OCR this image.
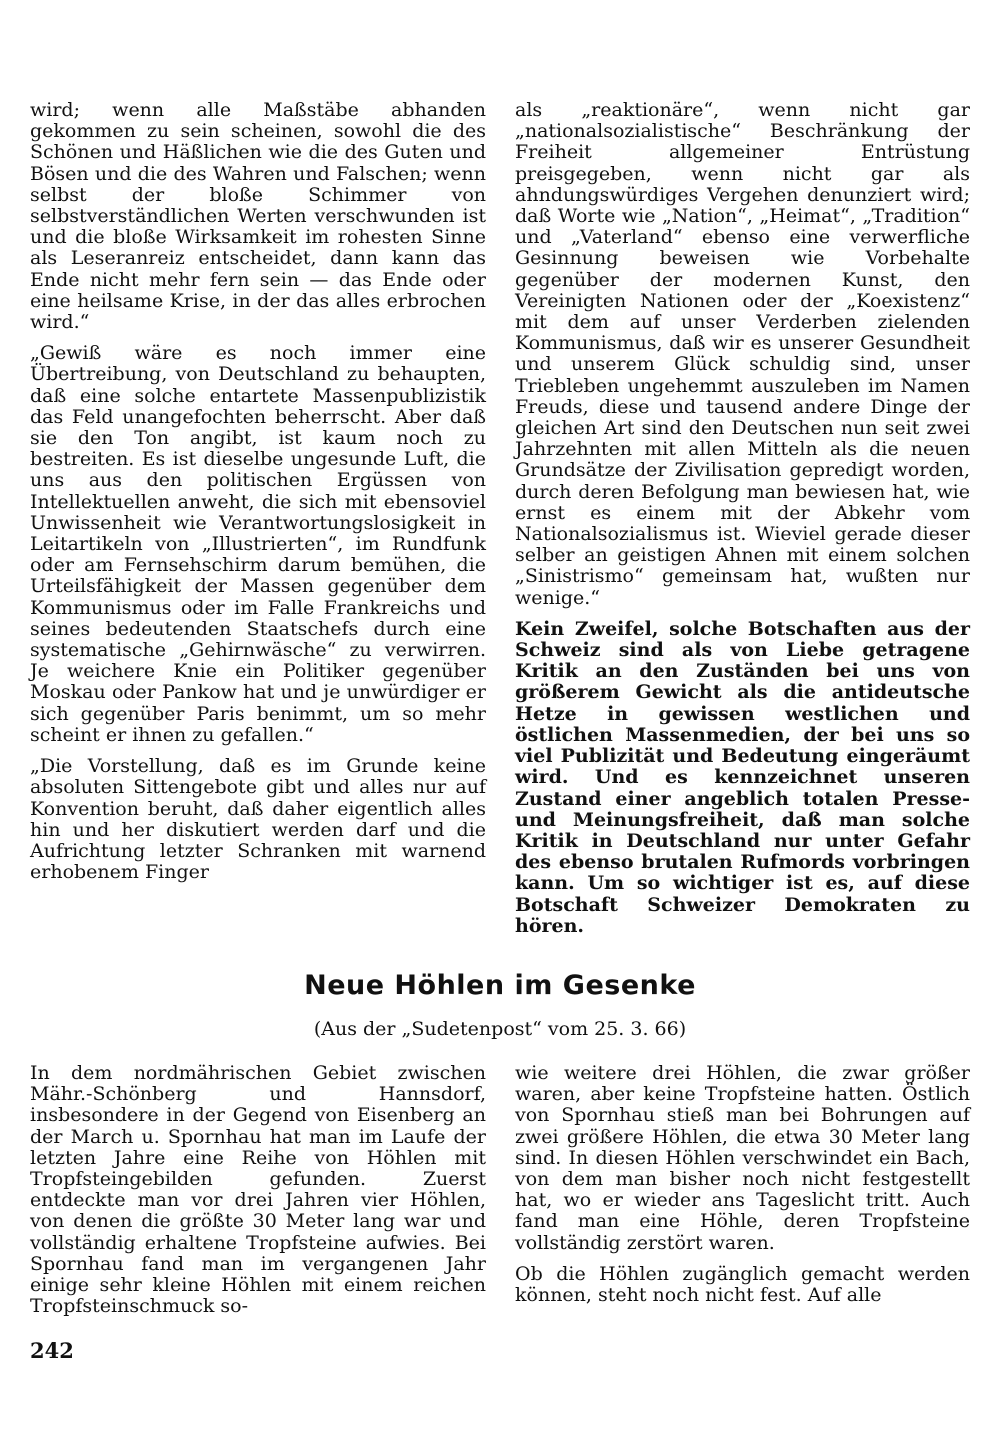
wird; wenn alle Maßstäbe abhanden gekommen zu sein scheinen, sowohl die des Schönen und Häßlichen wie die des Guten und Bösen und die des Wahren und Falschen; wenn selbst der bloße Schimmer von selbstverständlichen Werten verschwunden ist und die bloße Wirksamkeit im rohesten Sinne als Leseranreiz entscheidet, dann kann das Ende nicht mehr fern sein — das Ende oder eine heilsame Krise, in der das alles erbrochen wird.“

„Gewiß wäre es noch immer eine Übertreibung, von Deutschland zu behaupten, daß eine solche entartete Massenpublizistik das Feld unangefochten beherrscht. Aber daß sie den Ton angibt, ist kaum noch zu bestreiten. Es ist dieselbe ungesunde Luft, die uns aus den politischen Ergüssen von Intellektuellen anweht, die sich mit ebensoviel Unwissenheit wie Verantwortungslosigkeit in Leitartikeln von „Illustrierten“, im Rundfunk oder am Fernsehschirm darum bemühen, die Urteilsfähigkeit der Massen gegenüber dem Kommunismus oder im Falle Frankreichs und seines bedeutenden Staatschefs durch eine systematische „Gehirnwäsche“ zu verwirren. Je weichere Knie ein Politiker gegenüber Moskau oder Pankow hat und je unwürdiger er sich gegenüber Paris benimmt, um so mehr scheint er ihnen zu gefallen.“

„Die Vorstellung, daß es im Grunde keine absoluten Sittengebote gibt und alles nur auf Konvention beruht, daß daher eigentlich alles hin und her diskutiert werden darf und die Aufrichtung letzter Schranken mit warnend erhobenem Finger

als „reaktionäre“, wenn nicht gar „nationalsozialistische“ Beschränkung der Freiheit allgemeiner Entrüstung preisgegeben, wenn nicht gar als ahndungswürdiges Vergehen denunziert wird; daß Worte wie „Nation“, „Heimat“, „Tradition“ und „Vaterland“ ebenso eine verwerfliche Gesinnung beweisen wie Vorbehalte gegenüber der modernen Kunst, den Vereinigten Nationen oder der „Koexistenz“ mit dem auf unser Verderben zielenden Kommunismus, daß wir es unserer Gesundheit und unserem Glück schuldig sind, unser Triebleben ungehemmt auszuleben im Namen Freuds, diese und tausend andere Dinge der gleichen Art sind den Deutschen nun seit zwei Jahrzehnten mit allen Mitteln als die neuen Grundsätze der Zivilisation gepredigt worden, durch deren Befolgung man bewiesen hat, wie ernst es einem mit der Abkehr vom Nationalsozialismus ist. Wieviel gerade dieser selber an geistigen Ahnen mit einem solchen „Sinistrismo“ gemeinsam hat, wußten nur wenige.“

Kein Zweifel, solche Botschaften aus der Schweiz sind als von Liebe getragene Kritik an den Zuständen bei uns von größerem Gewicht als die antideutsche Hetze in gewissen westlichen und östlichen Massenmedien, der bei uns so viel Publizität und Bedeutung eingeräumt wird. Und es kennzeichnet unseren Zustand einer angeblich totalen Presse- und Meinungsfreiheit, daß man solche Kritik in Deutschland nur unter Gefahr des ebenso brutalen Rufmords vorbringen kann. Um so wichtiger ist es, auf diese Botschaft Schweizer Demokraten zu hören.

Neue Höhlen im Gesenke
(Aus der „Sudetenpost“ vom 25. 3. 66)

In dem nordmährischen Gebiet zwischen Mähr.-Schönberg und Hannsdorf, insbesondere in der Gegend von Eisenberg an der March u. Spornhau hat man im Laufe der letzten Jahre eine Reihe von Höhlen mit Tropfsteingebilden gefunden. Zuerst entdeckte man vor drei Jahren vier Höhlen, von denen die größte 30 Meter lang war und vollständig erhaltene Tropfsteine aufwies. Bei Spornhau fand man im vergangenen Jahr einige sehr kleine Höhlen mit einem reichen Tropfsteinschmuck so-

wie weitere drei Höhlen, die zwar größer waren, aber keine Tropfsteine hatten. Östlich von Spornhau stieß man bei Bohrungen auf zwei größere Höhlen, die etwa 30 Meter lang sind. In diesen Höhlen verschwindet ein Bach, von dem man bisher noch nicht festgestellt hat, wo er wieder ans Tageslicht tritt. Auch fand man eine Höhle, deren Tropfsteine vollständig zerstört waren.

Ob die Höhlen zugänglich gemacht werden können, steht noch nicht fest. Auf alle

242
